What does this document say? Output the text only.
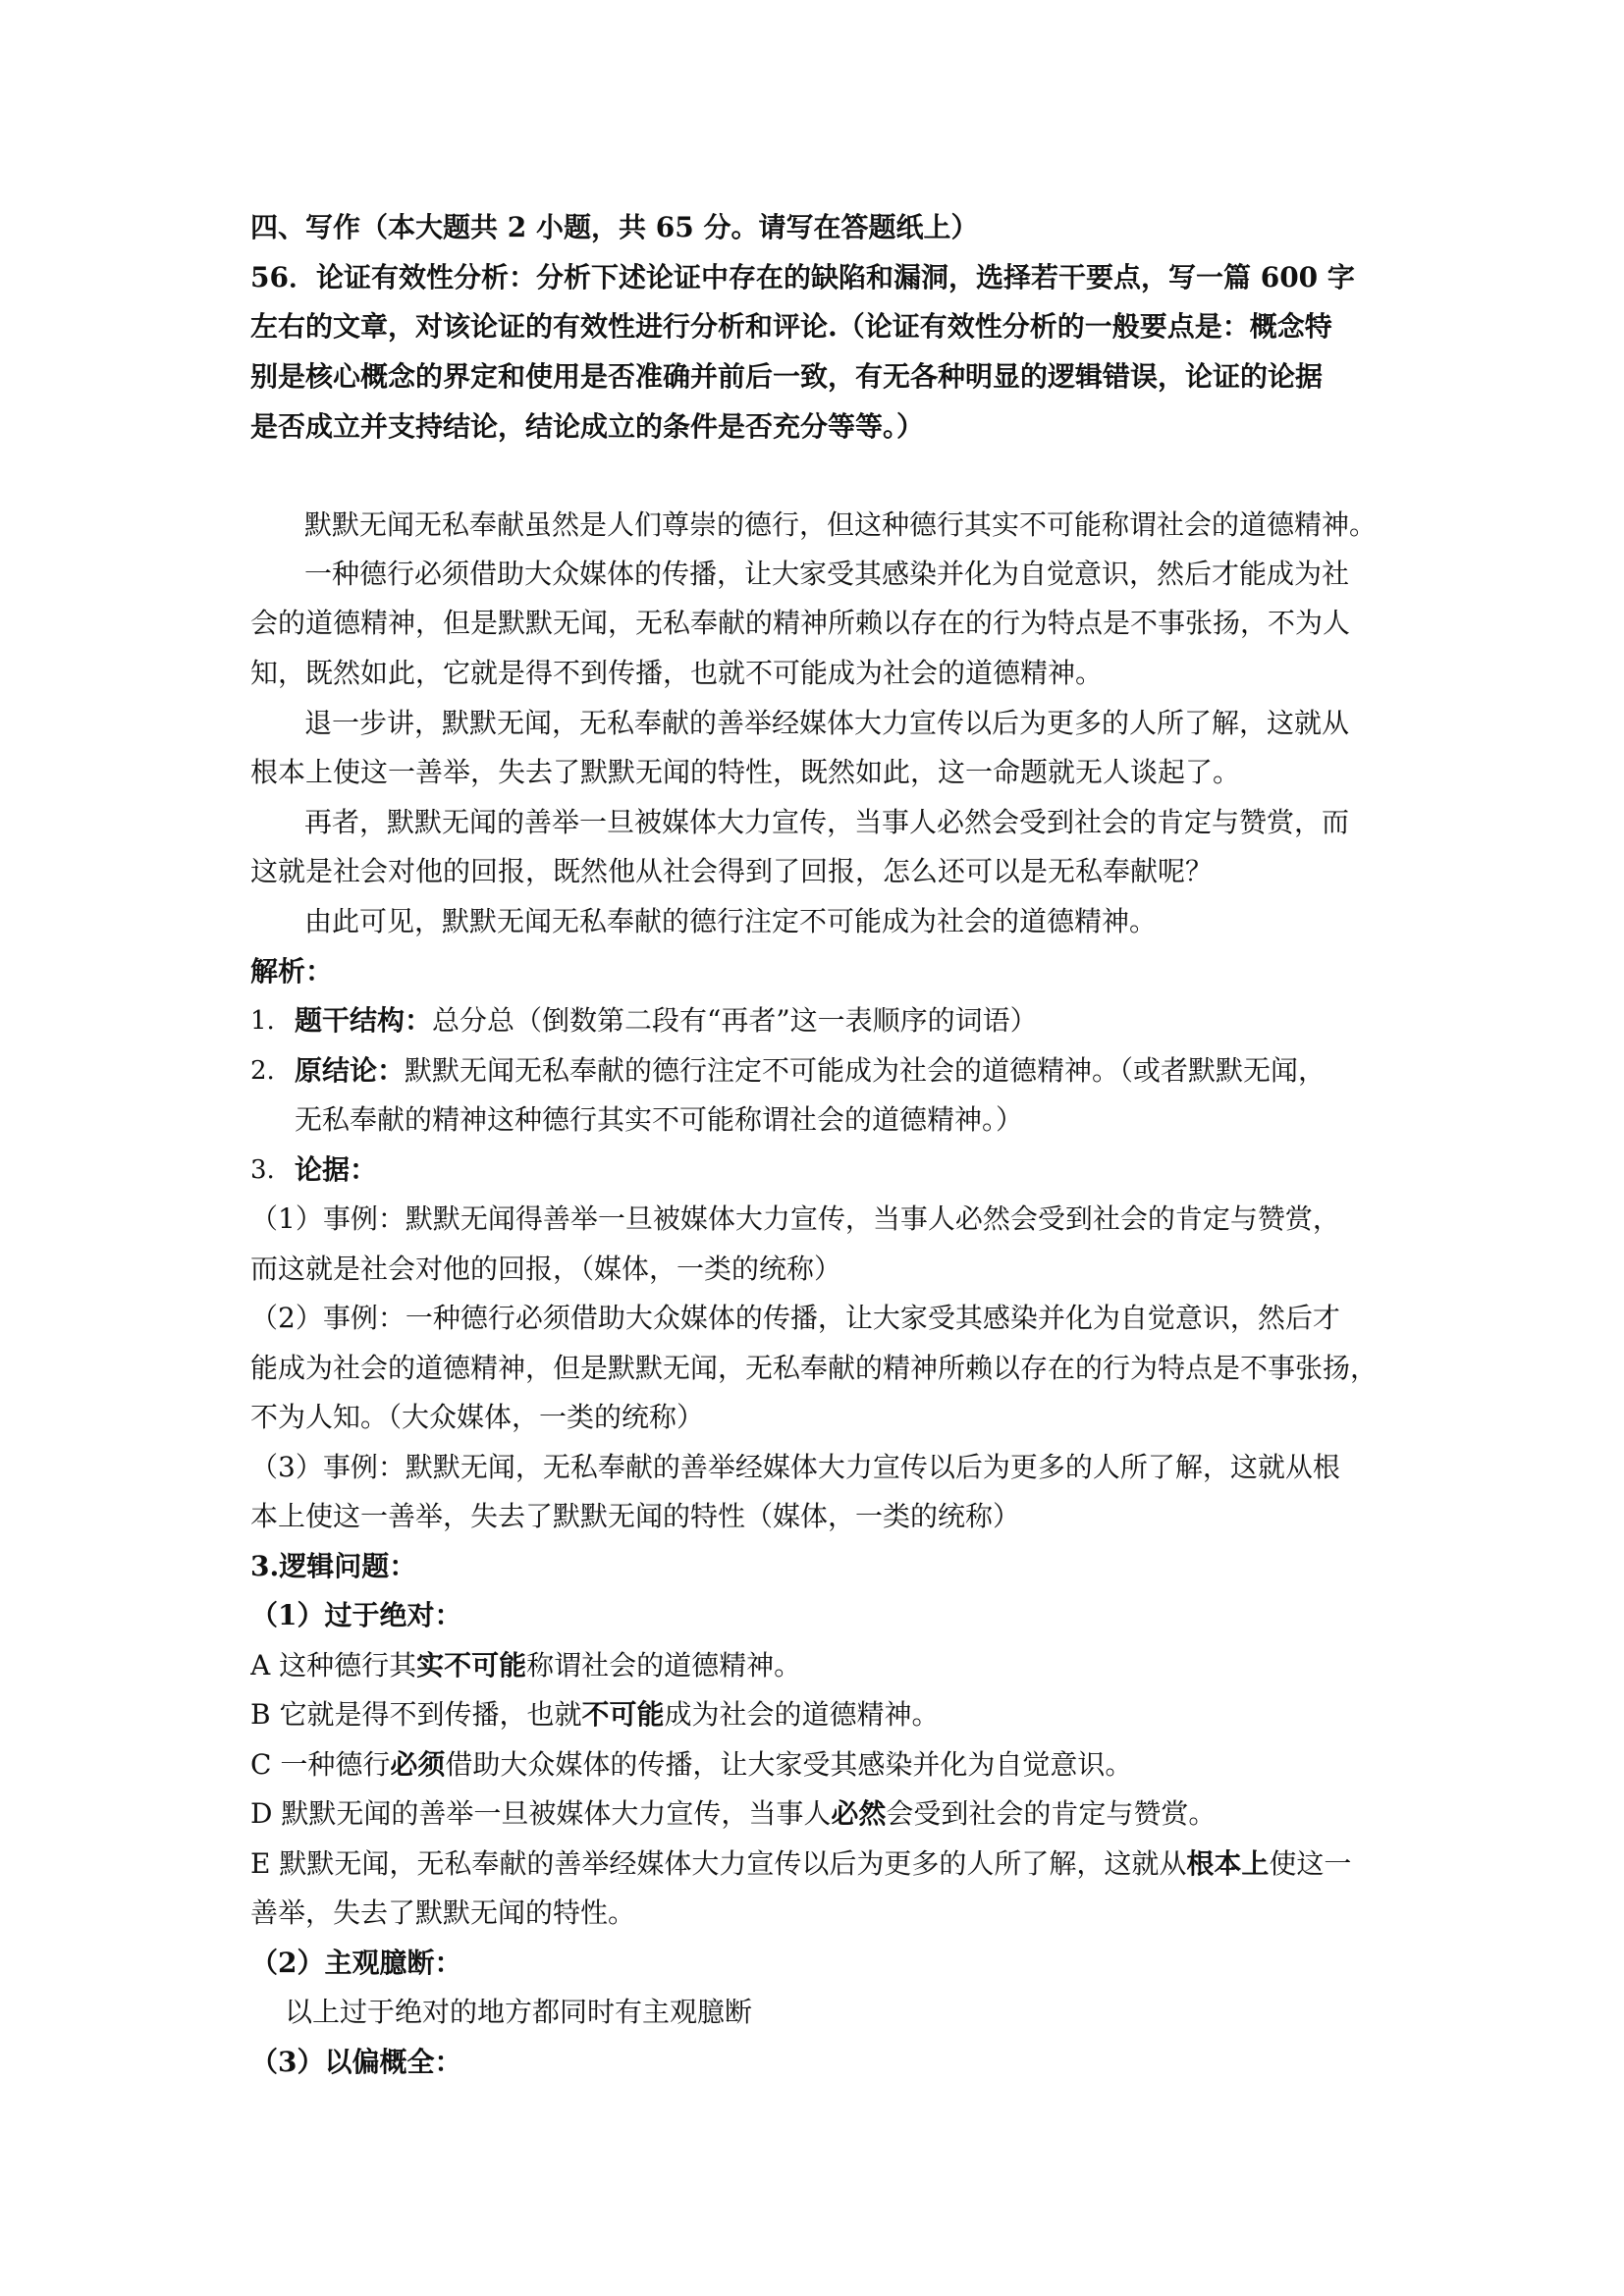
四、写作（本大题共 2 小题，共 65 分。请写在答题纸上）
56．论证有效性分析：分析下述论证中存在的缺陷和漏洞，选择若干要点，写一篇 600 字
左右的文章，对该论证的有效性进行分析和评论.（论证有效性分析的一般要点是：概念特
别是核心概念的界定和使用是否准确并前后一致，有无各种明显的逻辑错误，论证的论据
是否成立并支持结论，结论成立的条件是否充分等等。）
默默无闻无私奉献虽然是人们尊崇的德行，但这种德行其实不可能称谓社会的道德精神。
一种德行必须借助大众媒体的传播，让大家受其感染并化为自觉意识，然后才能成为社
会的道德精神，但是默默无闻，无私奉献的精神所赖以存在的行为特点是不事张扬，不为人
知，既然如此，它就是得不到传播，也就不可能成为社会的道德精神。
退一步讲，默默无闻，无私奉献的善举经媒体大力宣传以后为更多的人所了解，这就从
根本上使这一善举，失去了默默无闻的特性，既然如此，这一命题就无人谈起了。
再者，默默无闻的善举一旦被媒体大力宣传，当事人必然会受到社会的肯定与赞赏，而
这就是社会对他的回报，既然他从社会得到了回报，怎么还可以是无私奉献呢？
由此可见，默默无闻无私奉献的德行注定不可能成为社会的道德精神。
解析：
1. 题干结构：总分总（倒数第二段有“再者”这一表顺序的词语）
2. 原结论：默默无闻无私奉献的德行注定不可能成为社会的道德精神。（或者默默无闻，
无私奉献的精神这种德行其实不可能称谓社会的道德精神。）
3. 论据：
（1）事例：默默无闻得善举一旦被媒体大力宣传，当事人必然会受到社会的肯定与赞赏，
而这就是社会对他的回报，（媒体，一类的统称）
（2）事例：一种德行必须借助大众媒体的传播，让大家受其感染并化为自觉意识，然后才
能成为社会的道德精神，但是默默无闻，无私奉献的精神所赖以存在的行为特点是不事张扬，
不为人知。（大众媒体，一类的统称）
（3）事例：默默无闻，无私奉献的善举经媒体大力宣传以后为更多的人所了解，这就从根
本上使这一善举，失去了默默无闻的特性（媒体，一类的统称）
3.逻辑问题：
（1）过于绝对：
A 这种德行其实不可能称谓社会的道德精神。
B 它就是得不到传播，也就不可能成为社会的道德精神。
C 一种德行必须借助大众媒体的传播，让大家受其感染并化为自觉意识。
D 默默无闻的善举一旦被媒体大力宣传，当事人必然会受到社会的肯定与赞赏。
E 默默无闻，无私奉献的善举经媒体大力宣传以后为更多的人所了解，这就从根本上使这一
善举，失去了默默无闻的特性。
（2）主观臆断：
以上过于绝对的地方都同时有主观臆断
（3）以偏概全：
